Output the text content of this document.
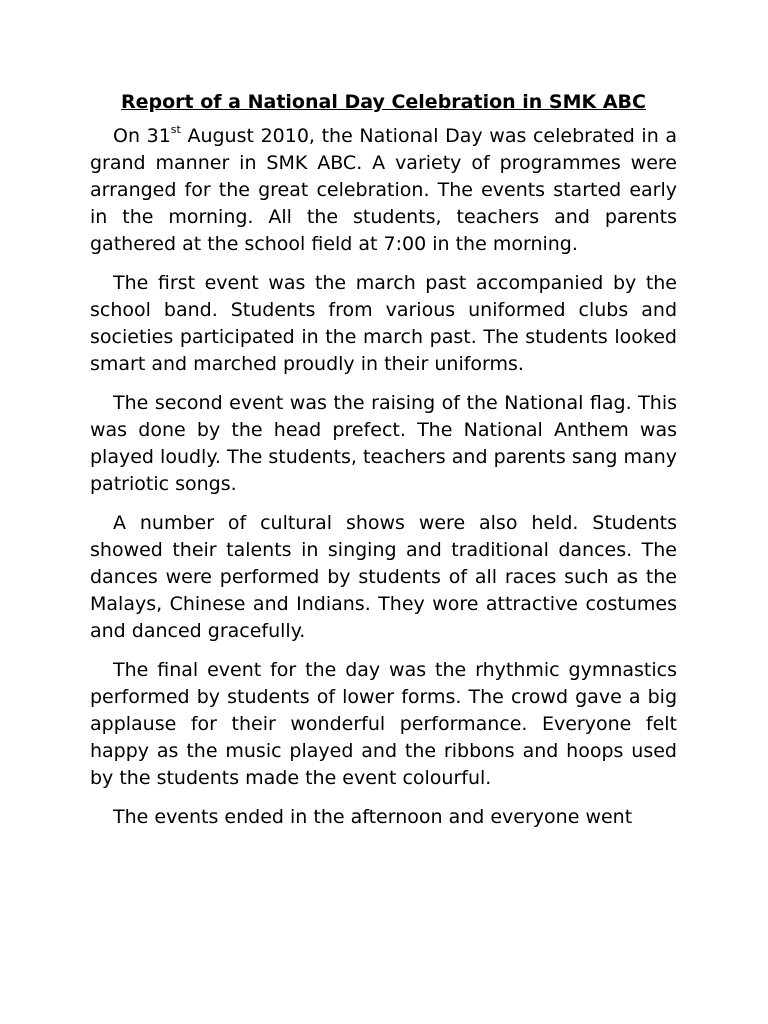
Report of a National Day Celebration in SMK ABC

On 31st August 2010, the National Day was celebrated in a grand manner in SMK ABC. A variety of programmes were arranged for the great celebration. The events started early in the morning. All the students, teachers and parents gathered at the school field at 7:00 in the morning.

The first event was the march past accompanied by the school band. Students from various uniformed clubs and societies participated in the march past. The students looked smart and marched proudly in their uniforms.

The second event was the raising of the National flag. This was done by the head prefect. The National Anthem was played loudly. The students, teachers and parents sang many patriotic songs.

A number of cultural shows were also held. Students showed their talents in singing and traditional dances. The dances were performed by students of all races such as the Malays, Chinese and Indians. They wore attractive costumes and danced gracefully.

The final event for the day was the rhythmic gymnastics performed by students of lower forms. The crowd gave a big applause for their wonderful performance. Everyone felt happy as the music played and the ribbons and hoops used by the students made the event colourful.

The events ended in the afternoon and everyone went
